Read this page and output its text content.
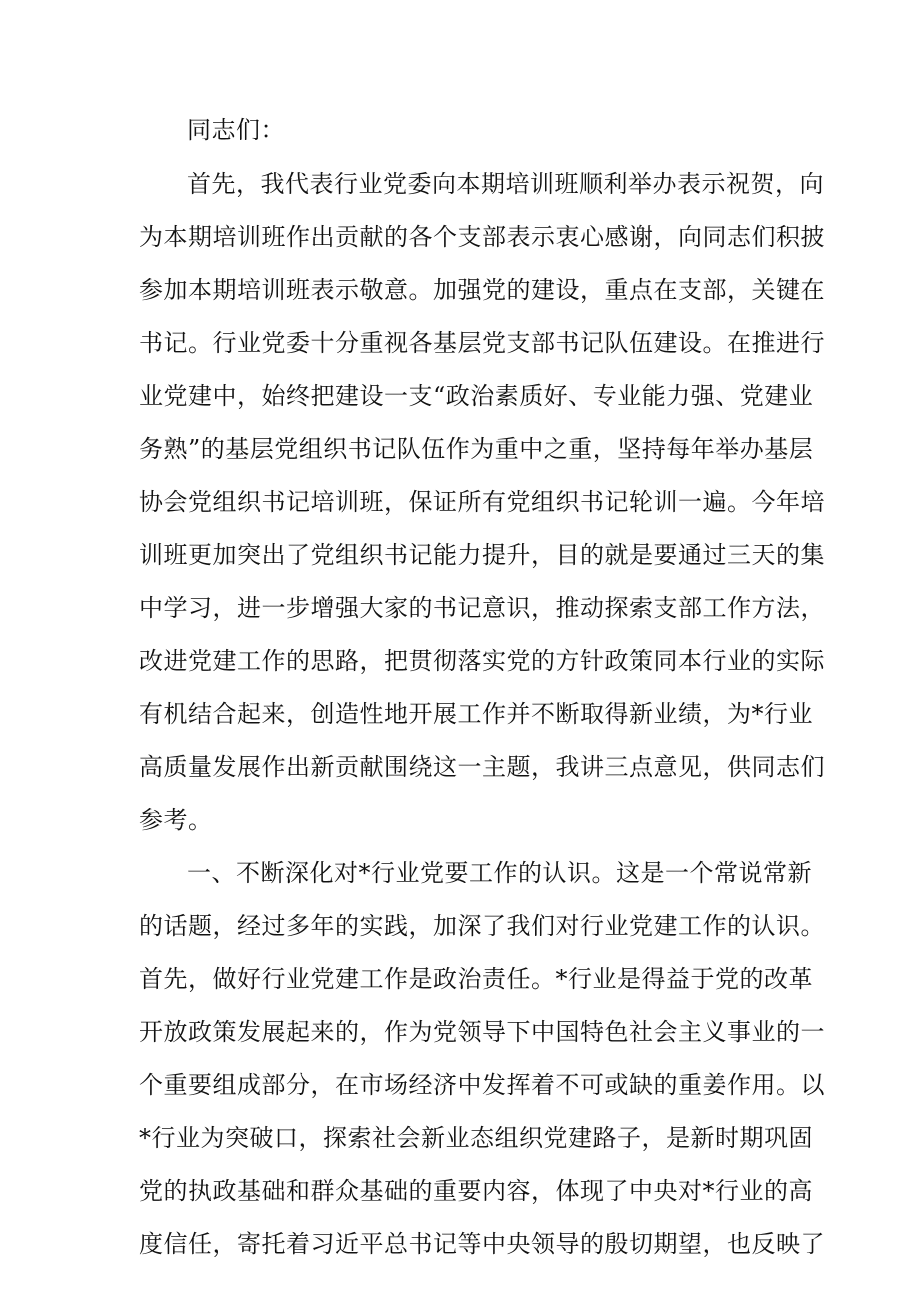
同志们：
首先，我代表行业党委向本期培训班顺利举办表示祝贺，向
为本期培训班作出贡献的各个支部表示衷心感谢，向同志们积披
参加本期培训班表示敬意。加强党的建设，重点在支部，关键在
书记。行业党委十分重视各基层党支部书记队伍建设。在推进行
业党建中，始终把建设一支“政治素质好、专业能力强、党建业
务熟”的基层党组织书记队伍作为重中之重，坚持每年举办基层
协会党组织书记培训班，保证所有党组织书记轮训一遍。今年培
训班更加突出了党组织书记能力提升，目的就是要通过三天的集
中学习，进一步增强大家的书记意识，推动探索支部工作方法，
改进党建工作的思路，把贯彻落实党的方针政策同本行业的实际
有机结合起来，创造性地开展工作并不断取得新业绩，为*行业
高质量发展作出新贡献围绕这一主题，我讲三点意见，供同志们
参考。
一、不断深化对*行业党要工作的认识。这是一个常说常新
的话题，经过多年的实践，加深了我们对行业党建工作的认识。
首先，做好行业党建工作是政治责任。*行业是得益于党的改革
开放政策发展起来的，作为党领导下中国特色社会主义事业的一
个重要组成部分，在市场经济中发挥着不可或缺的重姜作用。以
*行业为突破口，探索社会新业态组织党建路子，是新时期巩固
党的执政基础和群众基础的重要内容，体现了中央对*行业的高
度信任，寄托着习近平总书记等中央领导的殷切期望，也反映了
